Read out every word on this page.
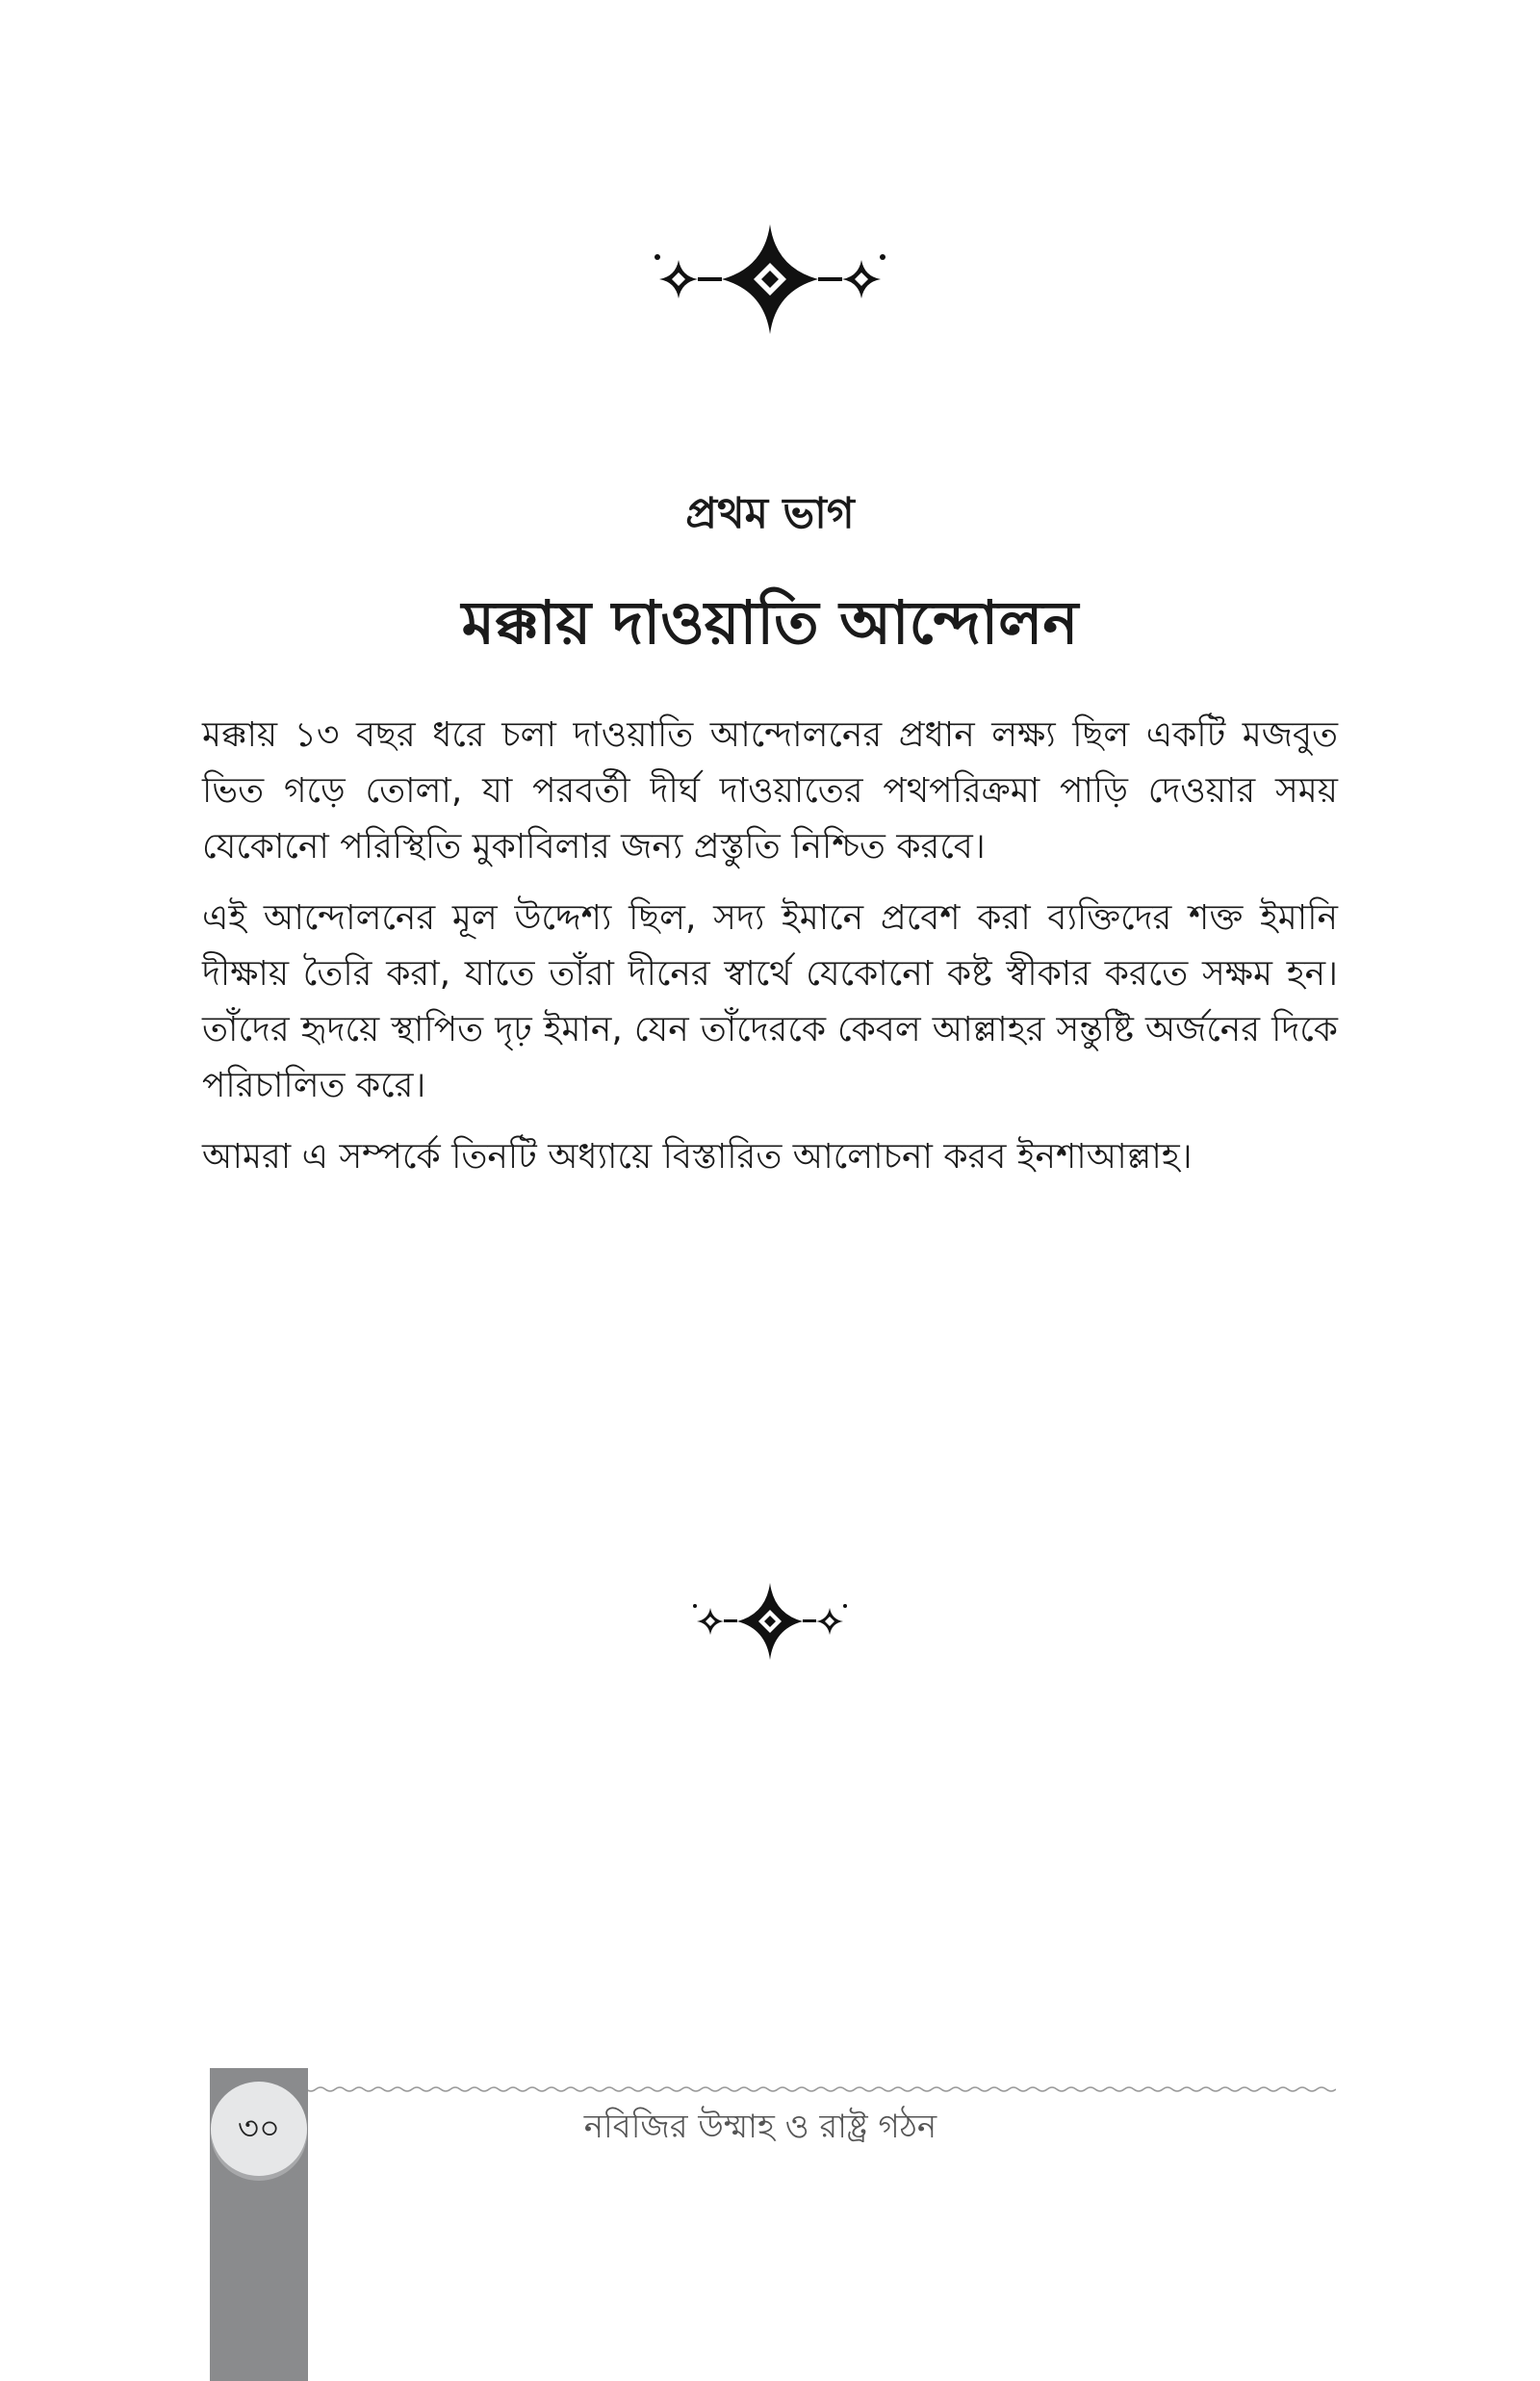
প্রথম ভাগ
মক্কায় দাওয়াতি আন্দোলন

মক্কায় ১৩ বছর ধরে চলা দাওয়াতি আন্দোলনের প্রধান লক্ষ্য ছিল একটি মজবুত ভিত গড়ে তোলা, যা পরবর্তী দীর্ঘ দাওয়াতের পথপরিক্রমা পাড়ি দেওয়ার সময় যেকোনো পরিস্থিতি মুকাবিলার জন্য প্রস্তুতি নিশ্চিত করবে।

এই আন্দোলনের মূল উদ্দেশ্য ছিল, সদ্য ইমানে প্রবেশ করা ব্যক্তিদের শক্ত ইমানি দীক্ষায় তৈরি করা, যাতে তাঁরা দীনের স্বার্থে যেকোনো কষ্ট স্বীকার করতে সক্ষম হন। তাঁদের হৃদয়ে স্থাপিত দৃঢ় ইমান, যেন তাঁদেরকে কেবল আল্লাহর সন্তুষ্টি অর্জনের দিকে পরিচালিত করে।

আমরা এ সম্পর্কে তিনটি অধ্যায়ে বিস্তারিত আলোচনা করব ইনশাআল্লাহ।

৩০	নবিজির উম্মাহ ও রাষ্ট্র গঠন
